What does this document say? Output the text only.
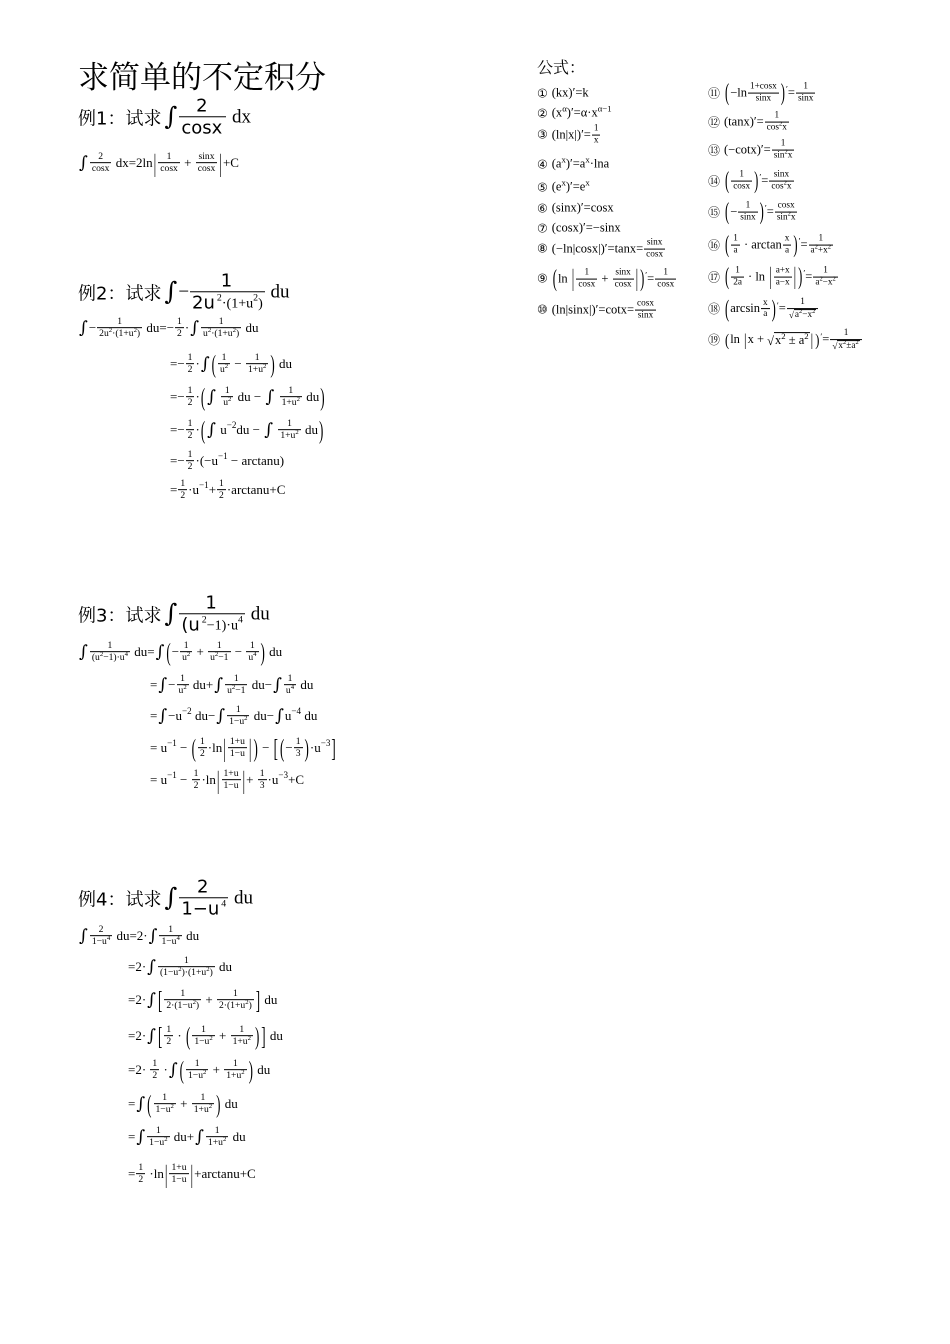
求简单的不定积分
例1：试求 ∫ $\frac{2}{\cos x}$ dx
∫ $\frac{2}{\cos x} dx=2\ln$ | $\frac{1}{\cos x} + \frac{\sin x}{\cos x}$ | +C
例2：试求 ∫ − $\frac{1}{2u 2 \cdot(1+u 2 )}$ du
∫ − $\frac{1}{2u 2 \cdot(1+u 2 )} du=- \frac{1}{2}$ · ∫ $\frac{1}{u 2 \cdot(1+u 2 )}$ du
=− $\frac{1}{2}$ · ∫ ( $\frac{1}{u 2} - \frac{1}{1+u 2}$ ) du
=− $\frac{1}{2}$ · ( ∫
$\frac{1}{u 2}$ du − ∫
$\frac{1}{1+u 2}$ du )
=− $\frac{1}{2}$ · ( ∫ u −2 du − ∫
$\frac{1}{1+u 2}$ du )
=− $\frac{1}{2} \cdot(-u -1 - \arctan u)$
= $\frac{1}{2} \cdot u -1 + \frac{1}{2} \cdot\arctan u+C$
例3：试求 ∫ $\frac{1}{(u 2 -1)\cdot u 4}$ du
∫ $\frac{1}{(u 2 -1)\cdot u 4} du=$ ∫ ( − $\frac{1}{u 2} + \frac{1}{u 2 -1} - \frac{1}{u 4}$ ) du
= ∫ − $\frac{1}{u 2} du+$ ∫ $\frac{1}{u 2 -1} du-$ ∫ $\frac{1}{u 4}$ du
= ∫ −u −2 du− ∫ $\frac{1}{1-u 2} du-$ ∫ u −4 du
= u −1 − ( $\frac{1}{2} \cdot\ln$ | $\frac{1+u}{1-u}$ | ) − [ ( − $\frac{1}{3}$ ) ·u −3 ]
= $u -1 - \frac{1}{2} \cdot\ln$ | $\frac{1+u}{1-u}$ | + $\frac{1}{3} \cdot u -3 +C$
例4：试求 ∫ $\frac{2}{1-u 4}$ du
∫ $\frac{2}{1-u 4} du=2\cdot$ ∫ $\frac{1}{1-u 4}$ du
=2· ∫ $\frac{1}{(1-u 2 )\cdot(1+u 2 )}$ du
=2· ∫ [ $\frac{1}{2\cdot(1-u 2 )} + \frac{1}{2\cdot(1+u 2 )}$ ] du
=2· ∫ [ $\frac{1}{2}$ · ( $\frac{1}{1-u 2} + \frac{1}{1+u 2}$ ) ] du
$=2\cdot \frac{1}{2}$ · ∫ ( $\frac{1}{1-u 2} + \frac{1}{1+u 2}$ ) du
= ∫ ( $\frac{1}{1-u 2} + \frac{1}{1+u 2}$ ) du
= ∫ $\frac{1}{1-u 2} du+$ ∫ $\frac{1}{1+u 2}$ du
= $\frac{1}{2} \cdot\ln$ | $\frac{1+u}{1-u}$ | +arctanu+C
公式：
① (kx)′=k
② (x α )′=α·x α−1
③ $(\ln|x|)'= \frac{1}{x}$
④ (a x )′=a x ·lna
⑤ (e x )′=e x
⑥ (sinx)′=cosx
⑦ (cosx)′=−sinx
⑧ $(-\ln|\cos x|)'=\tan x= \frac{\sin x}{\cos x}$
⑨ ( ln | $\frac{1}{\cos x} + \frac{\sin x}{\cos x}$ | ) ′ = $\frac{1}{\cos x}$
⑩ $(\ln|\sin x|)'=\cot x= \frac{\cos x}{\sin x}$
⑪ ( $-\ln \frac{1+\cos x}{\sin x}$ ) ′ = $\frac{1}{\sin x}$
⑫ $(\tan x)'= \frac{1}{\cos 2 x}$
⑬ $(-\cot x)'= \frac{1}{\sin 2 x}$
⑭ ( $\frac{1}{\cos x}$ ) ′ = $\frac{\sin x}{\cos 2 x}$
⑮ ( − $\frac{1}{\sin x}$ ) ′ = $\frac{\cos x}{\sin 2 x}$
⑯ ( $\frac{1}{a} \cdot \arctan \frac{x}{a}$ ) ′ = $\frac{1}{a 2 +x 2}$
⑰ ( $\frac{1}{2a} \cdot \ln$ | $\frac{a+x}{a-x}$ | ) ′ = $\frac{1}{a 2 -x 2}$
⑱ ( $\arcsin \frac{x}{a}$ ) ′ = $\frac{1}{√ a 2 -x 2}$
⑲ ( ln | x + √ x 2 ± a 2 | ) ′ = $\frac{1}{√ x 2 \pm a 2}$
